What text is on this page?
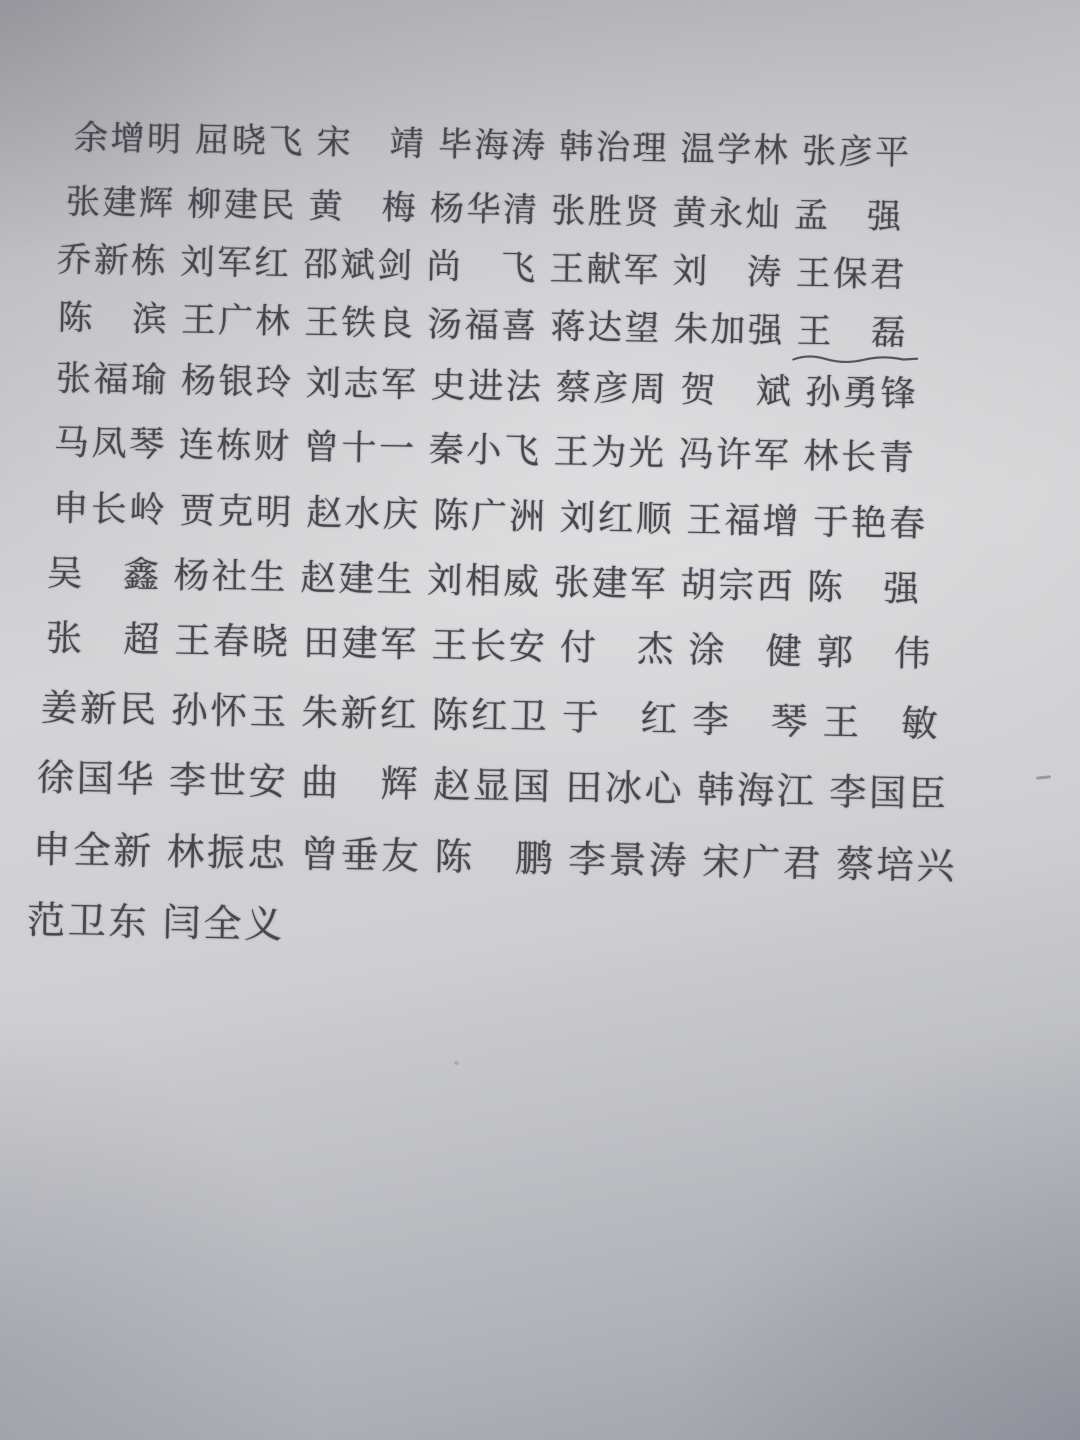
余 增 明 屈 晓 飞 宋 靖 毕 海 涛 韩 治 理 温 学 林 张 彦 平
张 建 辉 柳 建 民 黄 梅 杨 华 清 张 胜 贤 黄 永 灿 孟 强
乔 新 栋 刘 军 红 邵 斌 剑 尚 飞 王 献 军 刘 涛 王 保 君
陈 滨 王 广 林 王 铁 良 汤 福 喜 蒋 达 望 朱 加 强 王 磊
张 福 瑜 杨 银 玲 刘 志 军 史 进 法 蔡 彦 周 贺 斌 孙 勇 锋
马 凤 琴 连 栋 财 曾 十 一 秦 小 飞 王 为 光 冯 许 军 林 长 青
申 长 岭 贾 克 明 赵 水 庆 陈 广 洲 刘 红 顺 王 福 增 于 艳 春
吴 鑫 杨 社 生 赵 建 生 刘 相 威 张 建 军 胡 宗 西 陈 强
张 超 王 春 晓 田 建 军 王 长 安 付 杰 涂 健 郭 伟
姜 新 民 孙 怀 玉 朱 新 红 陈 红 卫 于 红 李 琴 王 敏
徐 国 华 李 世 安 曲 辉 赵 显 国 田 冰 心 韩 海 江 李 国 臣
申 全 新 林 振 忠 曾 垂 友 陈 鹏 李 景 涛 宋 广 君 蔡 培 兴
范 卫 东 闫 全 义
